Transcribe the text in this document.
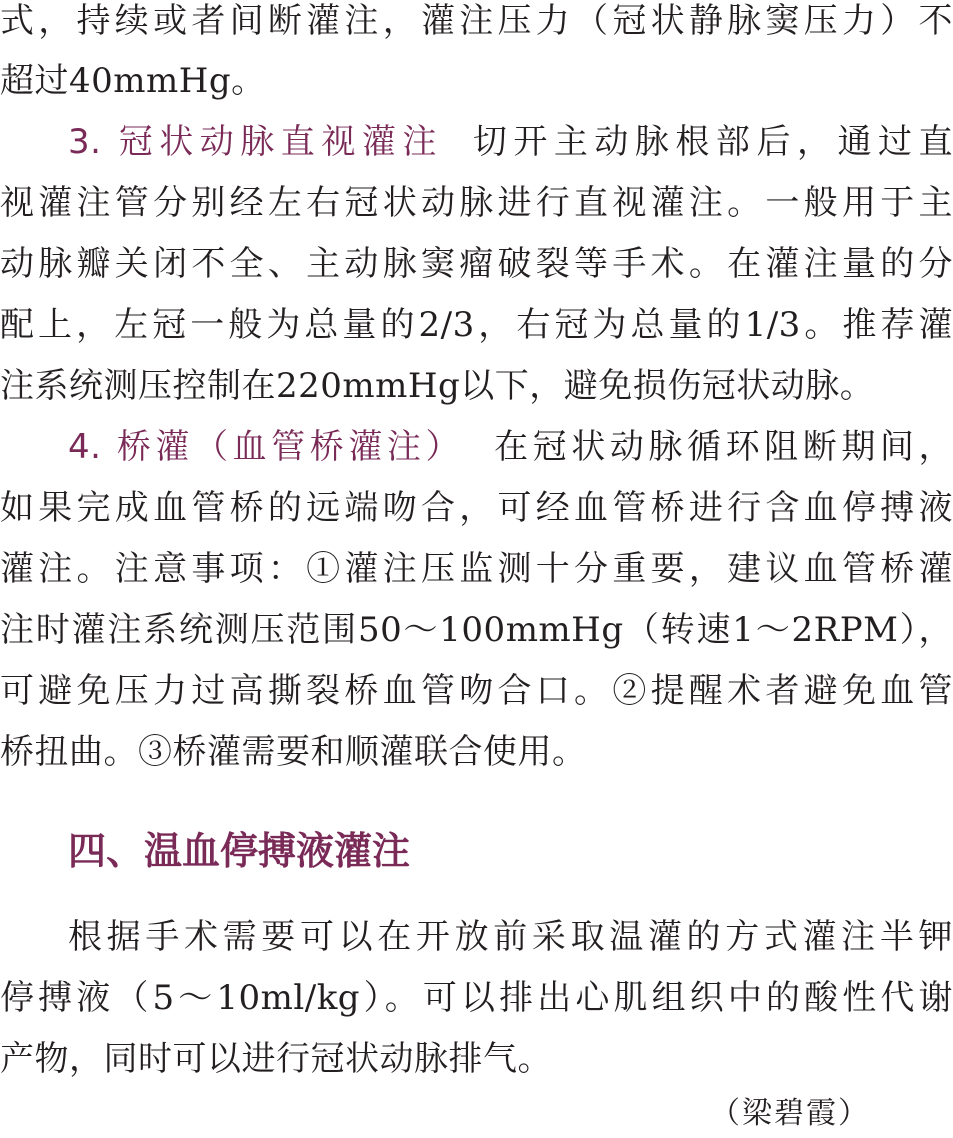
式，持续或者间断灌注，灌注压力（冠状静脉窦压力）不
超过40mmHg。
3. 冠状动脉直视灌注 切开主动脉根部后，通过直
视灌注管分别经左右冠状动脉进行直视灌注。一般用于主
动脉瓣关闭不全、主动脉窦瘤破裂等手术。在灌注量的分
配上，左冠一般为总量的2/3，右冠为总量的1/3。推荐灌
注系统测压控制在220mmHg以下，避免损伤冠状动脉。
4. 桥灌（血管桥灌注） 在冠状动脉循环阻断期间，
如果完成血管桥的远端吻合，可经血管桥进行含血停搏液
灌注。注意事项：①灌注压监测十分重要，建议血管桥灌
注时灌注系统测压范围50～100mmHg（转速1～2RPM），
可避免压力过高撕裂桥血管吻合口。②提醒术者避免血管
桥扭曲。③桥灌需要和顺灌联合使用。
四、温血停搏液灌注
根据手术需要可以在开放前采取温灌的方式灌注半钾
停搏液（5～10ml/kg）。可以排出心肌组织中的酸性代谢
产物，同时可以进行冠状动脉排气。
（梁碧霞）
